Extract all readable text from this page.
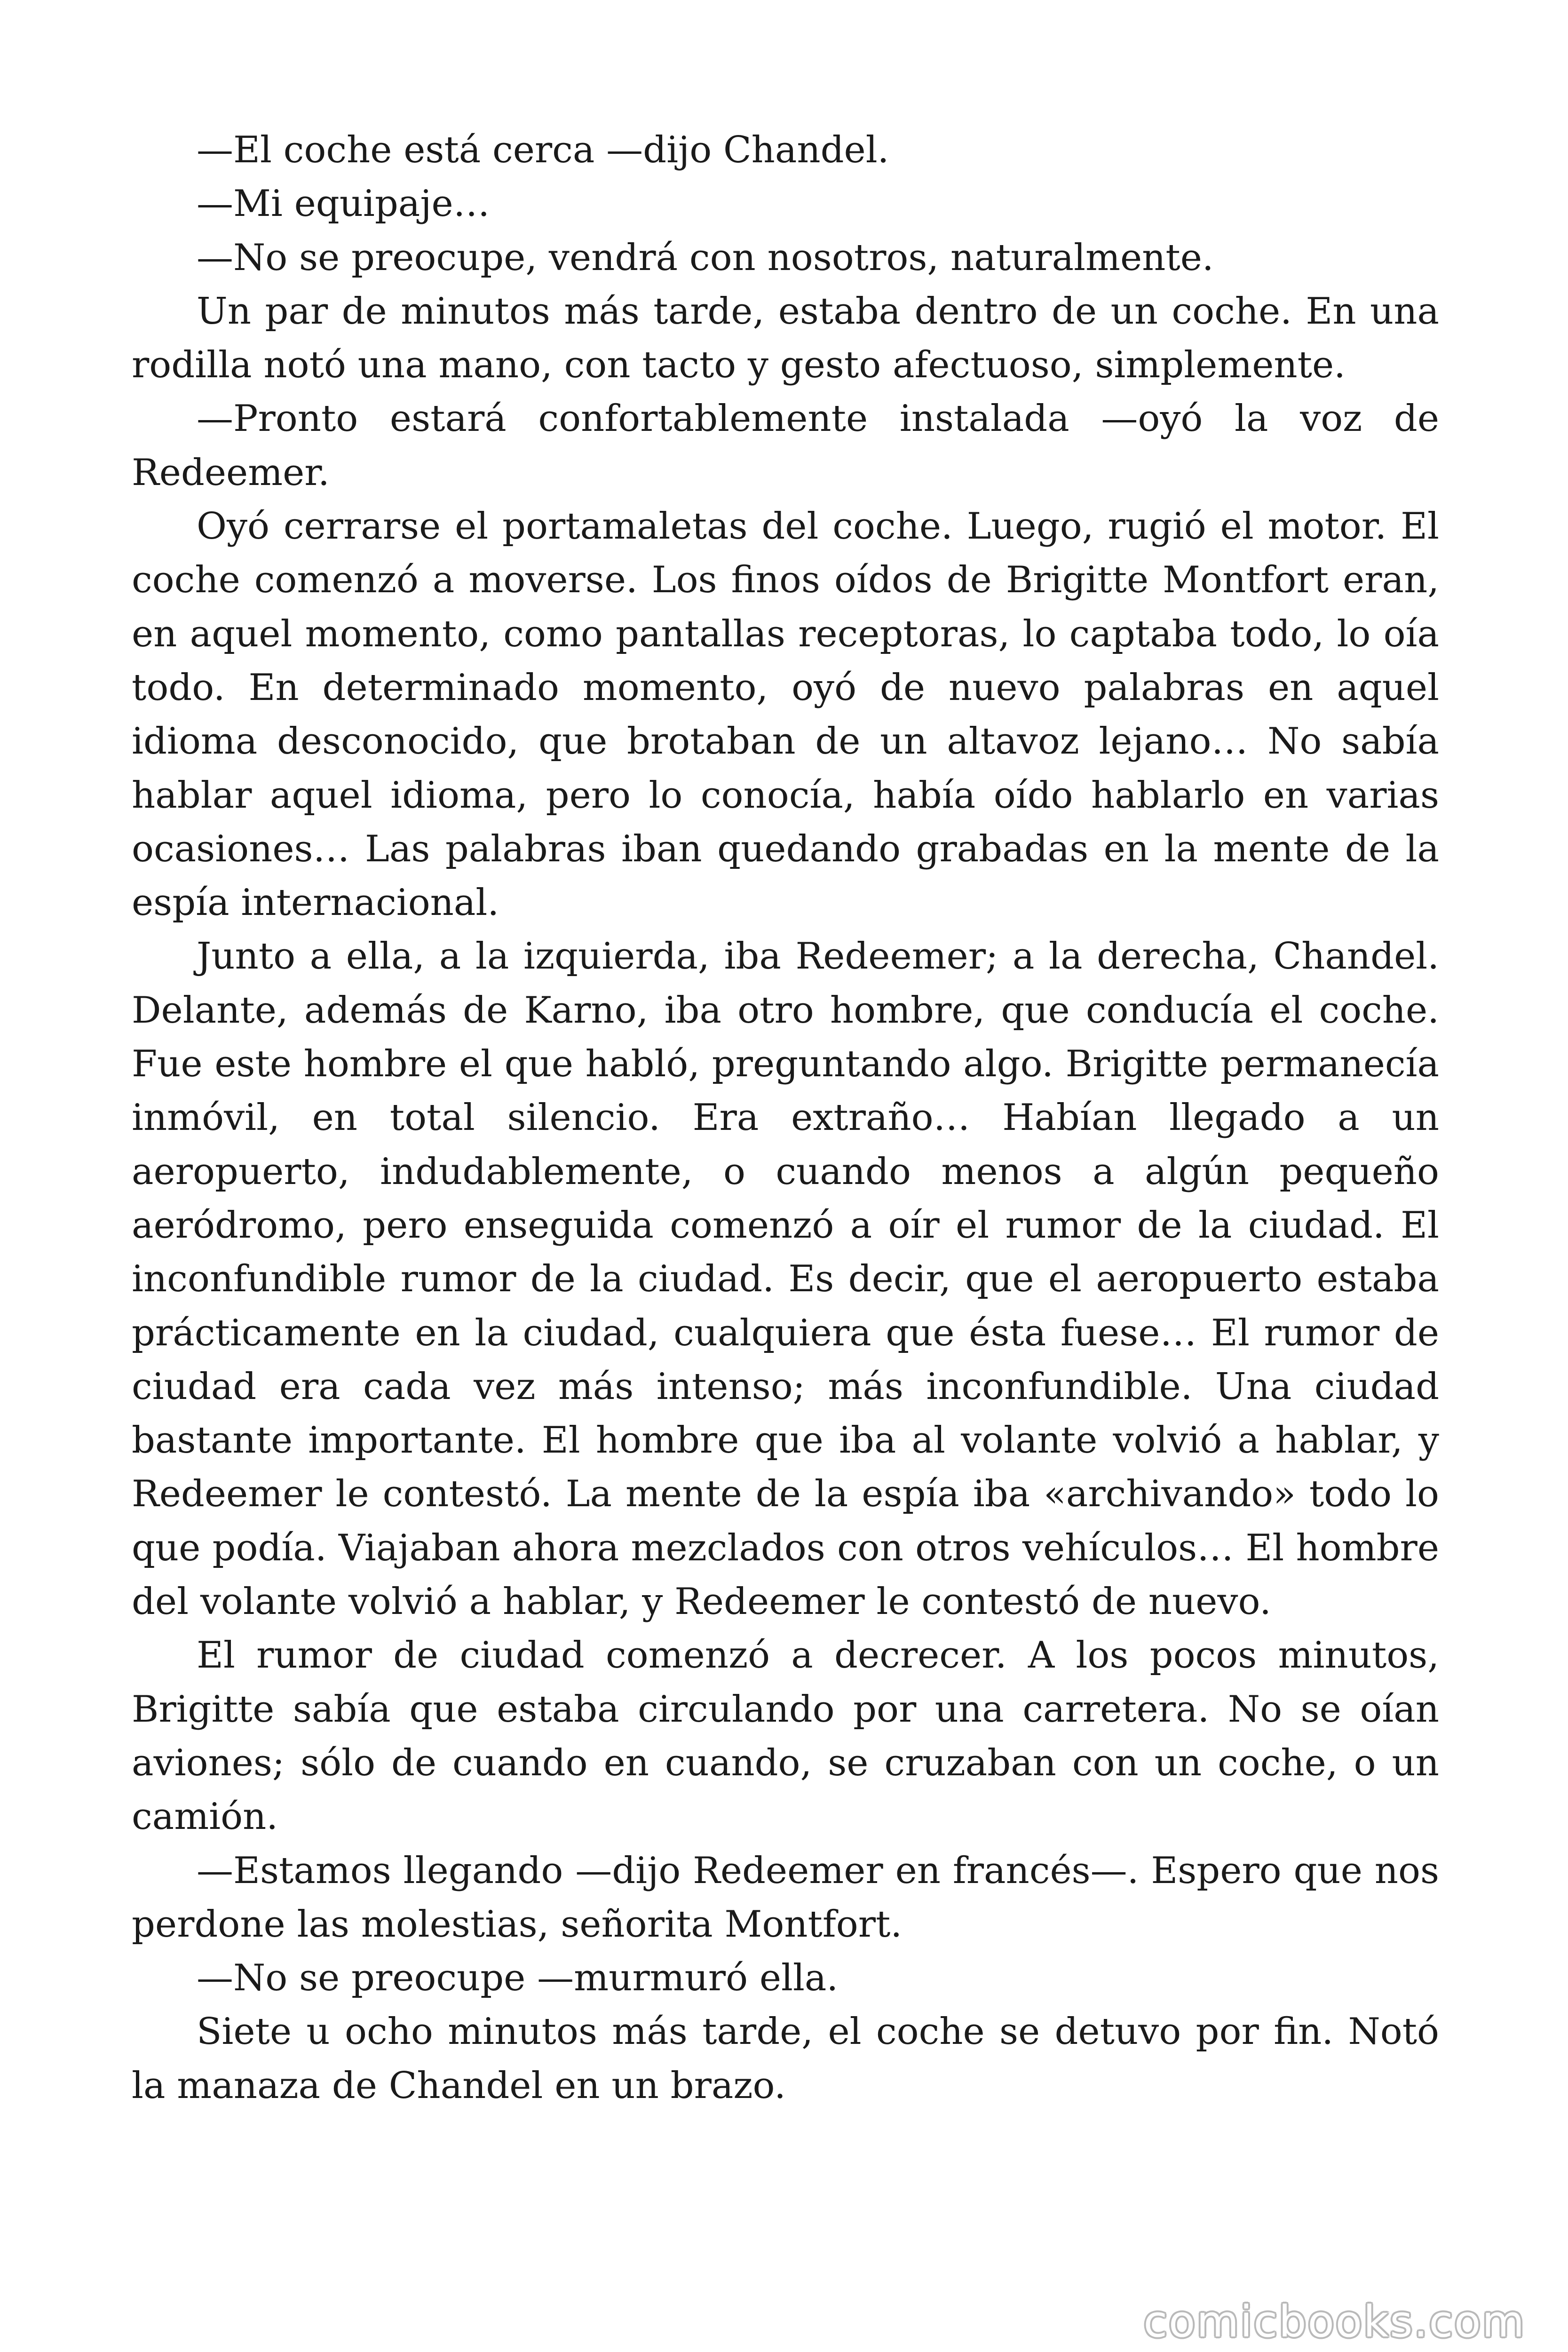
—El coche está cerca —dijo Chandel.

—Mi equipaje…

—No se preocupe, vendrá con nosotros, naturalmente.

Un par de minutos más tarde, estaba dentro de un coche. En una rodilla notó una mano, con tacto y gesto afectuoso, simplemente.

—Pronto estará confortablemente instalada —oyó la voz de Redeemer.

Oyó cerrarse el portamaletas del coche. Luego, rugió el motor. El coche comenzó a moverse. Los finos oídos de Brigitte Montfort eran, en aquel momento, como pantallas receptoras, lo captaba todo, lo oía todo. En determinado momento, oyó de nuevo palabras en aquel idioma desconocido, que brotaban de un altavoz lejano… No sabía hablar aquel idioma, pero lo conocía, había oído hablarlo en varias ocasiones… Las palabras iban quedando grabadas en la mente de la espía internacional.

Junto a ella, a la izquierda, iba Redeemer; a la derecha, Chandel. Delante, además de Karno, iba otro hombre, que conducía el coche. Fue este hombre el que habló, preguntando algo. Brigitte permanecía inmóvil, en total silencio. Era extraño… Habían llegado a un aeropuerto, indudablemente, o cuando menos a algún pequeño aeródromo, pero enseguida comenzó a oír el rumor de la ciudad. El inconfundible rumor de la ciudad. Es decir, que el aeropuerto estaba prácticamente en la ciudad, cualquiera que ésta fuese… El rumor de ciudad era cada vez más intenso; más inconfundible. Una ciudad bastante importante. El hombre que iba al volante volvió a hablar, y Redeemer le contestó. La mente de la espía iba «archivando» todo lo que podía. Viajaban ahora mezclados con otros vehículos… El hombre del volante volvió a hablar, y Redeemer le contestó de nuevo.

El rumor de ciudad comenzó a decrecer. A los pocos minutos, Brigitte sabía que estaba circulando por una carretera. No se oían aviones; sólo de cuando en cuando, se cruzaban con un coche, o un camión.

—Estamos llegando —dijo Redeemer en francés—. Espero que nos perdone las molestias, señorita Montfort.

—No se preocupe —murmuró ella.

Siete u ocho minutos más tarde, el coche se detuvo por fin. Notó la manaza de Chandel en un brazo.

comicbooks.com
